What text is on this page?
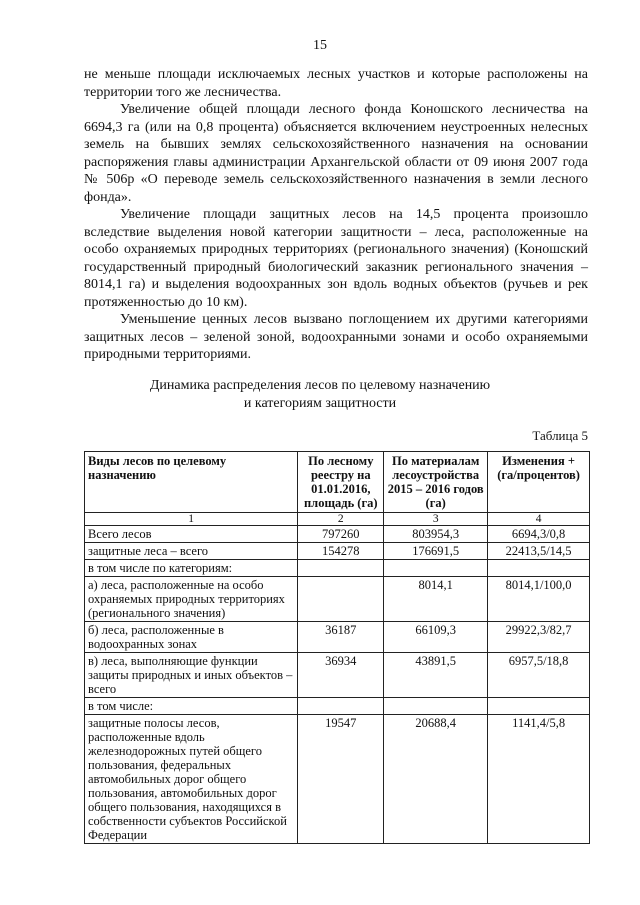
15

не меньше площади исключаемых лесных участков и которые расположены на территории того же лесничества.

Увеличение общей площади лесного фонда Коношского лесничества на 6694,3 га (или на 0,8 процента) объясняется включением неустроенных нелесных земель на бывших землях сельскохозяйственного назначения на основании распоряжения главы администрации Архангельской области от 09 июня 2007 года № 506р «О переводе земель сельскохозяйственного назначения в земли лесного фонда».

Увеличение площади защитных лесов на 14,5 процента произошло вследствие выделения новой категории защитности – леса, расположенные на особо охраняемых природных территориях (регионального значения) (Коношский государственный природный биологический заказник регионального значения – 8014,1 га) и выделения водоохранных зон вдоль водных объектов (ручьев и рек протяженностью до 10 км).

Уменьшение ценных лесов вызвано поглощением их другими категориями защитных лесов – зеленой зоной, водоохранными зонами и особо охраняемыми природными территориями.

Динамика распределения лесов по целевому назначению
и категориям защитности
Таблица 5
Виды лесов по целевому назначению	По лесному реестру на 01.01.2016, площадь (га)	По материалам лесоустройства 2015 – 2016 годов (га)	Изменения + (га/процентов)
1	2	3	4
Всего лесов	797260	803954,3	6694,3/0,8
защитные леса – всего	154278	176691,5	22413,5/14,5
в том числе по категориям:			
а) леса, расположенные на особо охраняемых природных территориях (регионального значения)		8014,1	8014,1/100,0
б) леса, расположенные в водоохранных зонах	36187	66109,3	29922,3/82,7
в) леса, выполняющие функции защиты природных и иных объектов – всего	36934	43891,5	6957,5/18,8
в том числе:			
защитные полосы лесов, расположенные вдоль железнодорожных путей общего пользования, федеральных автомобильных дорог общего пользования, автомобильных дорог общего пользования, находящихся в собственности субъектов Российской Федерации	19547	20688,4	1141,4/5,8
